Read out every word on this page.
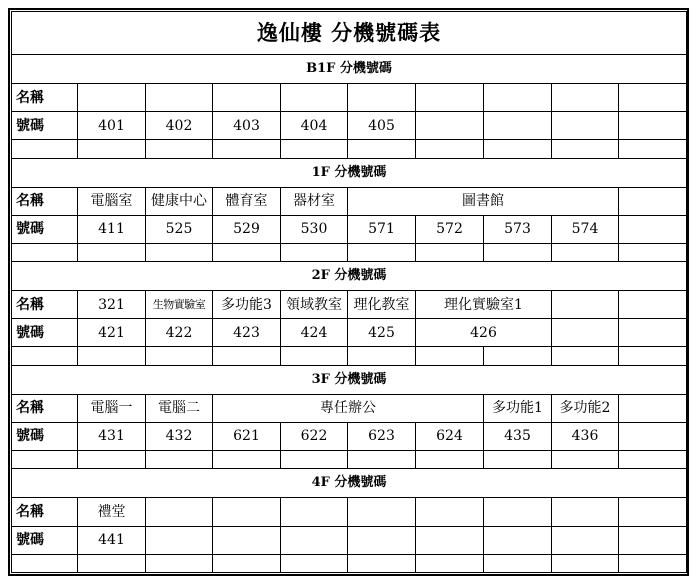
逸仙樓 分機號碼表									
B1F 分機號碼									
名稱									
號碼	401	402	403	404	405				

1F 分機號碼									
名稱	電腦室	健康中心	體育室	器材室	圖書館				
號碼	411	525	529	530	571	572	573	574	

2F 分機號碼									
名稱	321	生物實驗室	多功能3	領域教室	理化教室	理化實驗室1			
號碼	421	422	423	424	425	426			

3F 分機號碼									
名稱	電腦一	電腦二	專任辦公				多功能1	多功能2	
號碼	431	432	621	622	623	624	435	436	

4F 分機號碼									
名稱	禮堂								
號碼	441								
